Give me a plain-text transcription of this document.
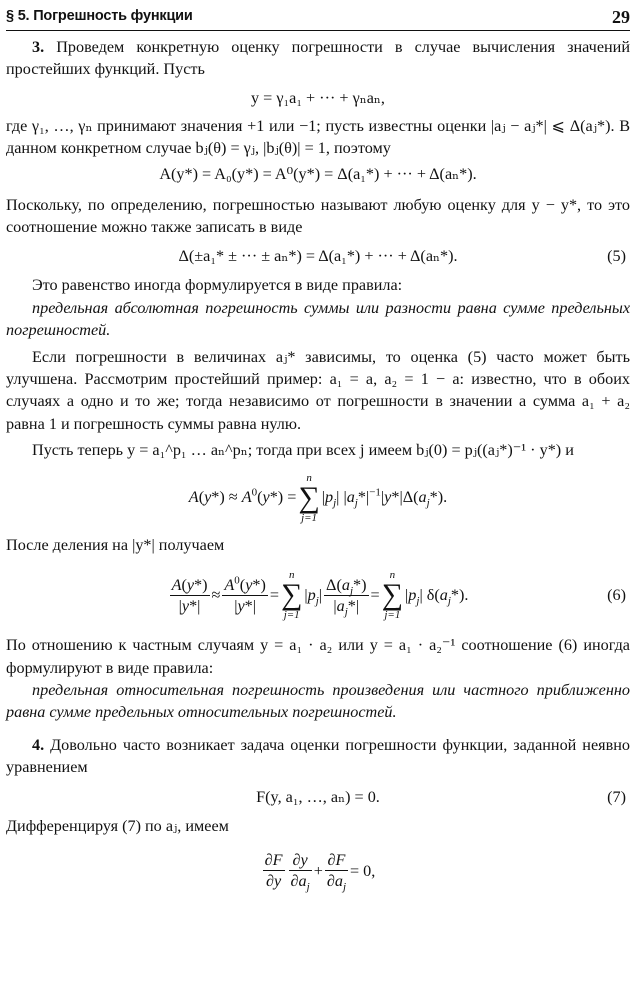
§ 5. Погрешность функции	29

3. Проведем конкретную оценку погрешности в случае вычисления значений простейших функций. Пусть

y = γ₁a₁ + ··· + γₙaₙ,

где γ₁, …, γₙ принимают значения +1 или −1; пусть известны оценки |aⱼ − aⱼ*| ⩽ Δ(aⱼ*). В данном конкретном случае bⱼ(θ) = γⱼ, |bⱼ(θ)| = 1, поэтому

A(y*) = A₀(y*) = A⁰(y*) = Δ(a₁*) + ··· + Δ(aₙ*).

Поскольку, по определению, погрешностью называют любую оценку для y − y*, то это соотношение можно также записать в виде

Δ(±a₁* ± ··· ± aₙ*) = Δ(a₁*) + ··· + Δ(aₙ*).	(5)

Это равенство иногда формулируется в виде правила:

предельная абсолютная погрешность суммы или разности равна сумме предельных погрешностей.

Если погрешности в величинах aⱼ* зависимы, то оценка (5) часто может быть улучшена. Рассмотрим простейший пример: a₁ = a, a₂ = 1 − a: известно, что в обоих случаях a одно и то же; тогда независимо от погрешности в значении a сумма a₁ + a₂ равна 1 и погрешность суммы равна нулю.

Пусть теперь y = a₁^p₁ … aₙ^pₙ; тогда при всех j имеем bⱼ(0) = pⱼ((aⱼ*)⁻¹ · y*) и

$A(y*) \approx A^0(y*)$ =
n
∑
j=1
$|p_j|$ $|a_j*|^{-1}|y*|\Delta(a_j*)$.

После деления на |y*| получаем

$\frac{A(y*)}{|y*|} \approx \frac{A^0(y*)}{|y*|}$ =
n
∑
j=1
$|p_j| \frac{\Delta(a_j*)}{|a_j*|}$ =
n
∑
j=1
$|p_j|$ $\delta(a_j*)$.	(6)

По отношению к частным случаям y = a₁ · a₂ или y = a₁ · a₂⁻¹ соотношение (6) иногда формулируют в виде правила:

предельная относительная погрешность произведения или частного приближенно равна сумме предельных относительных погрешностей.

4. Довольно часто возникает задача оценки погрешности функции, заданной неявно уравнением

F(y, a₁, …, aₙ) = 0.	(7)

Дифференцируя (7) по aⱼ, имеем

$\frac{\partial F}{\partial y} \frac{\partial y}{\partial a_j} + \frac{\partial F}{\partial a_j} = 0$,
